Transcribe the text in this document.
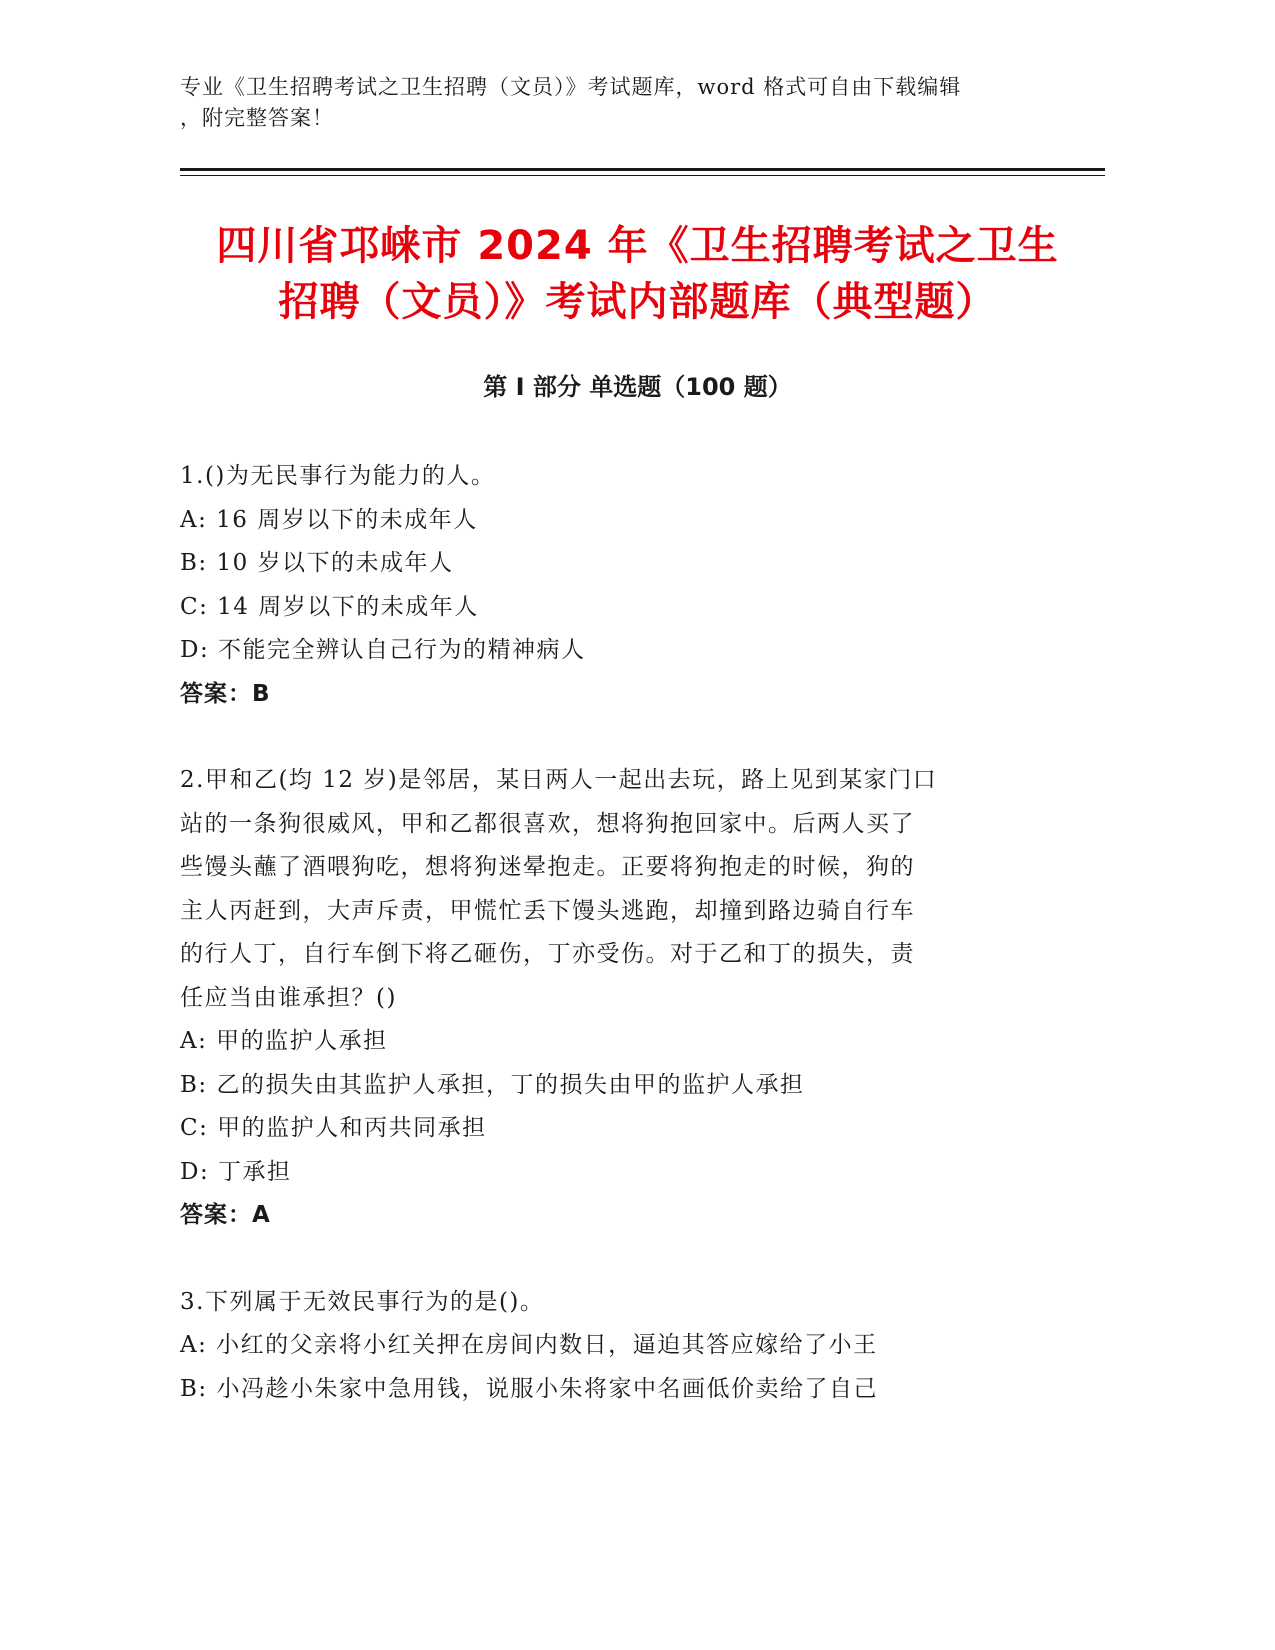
专业《卫生招聘考试之卫生招聘（文员）》考试题库，word 格式可自由下载编辑
，附完整答案！
四川省邛崃市 2024 年《卫生招聘考试之卫生
招聘（文员）》考试内部题库（典型题）
第 I 部分 单选题（100 题）

1.()为无民事行为能力的人。

A: 16 周岁以下的未成年人

B: 10 岁以下的未成年人

C: 14 周岁以下的未成年人

D: 不能完全辨认自己行为的精神病人

答案：B

2.甲和乙(均 12 岁)是邻居，某日两人一起出去玩，路上见到某家门口

站的一条狗很威风，甲和乙都很喜欢，想将狗抱回家中。后两人买了

些馒头蘸了酒喂狗吃，想将狗迷晕抱走。正要将狗抱走的时候，狗的

主人丙赶到，大声斥责，甲慌忙丢下馒头逃跑，却撞到路边骑自行车

的行人丁，自行车倒下将乙砸伤，丁亦受伤。对于乙和丁的损失，责

任应当由谁承担？()

A: 甲的监护人承担

B: 乙的损失由其监护人承担，丁的损失由甲的监护人承担

C: 甲的监护人和丙共同承担

D: 丁承担

答案：A

3.下列属于无效民事行为的是()。

A: 小红的父亲将小红关押在房间内数日，逼迫其答应嫁给了小王

B: 小冯趁小朱家中急用钱，说服小朱将家中名画低价卖给了自己
